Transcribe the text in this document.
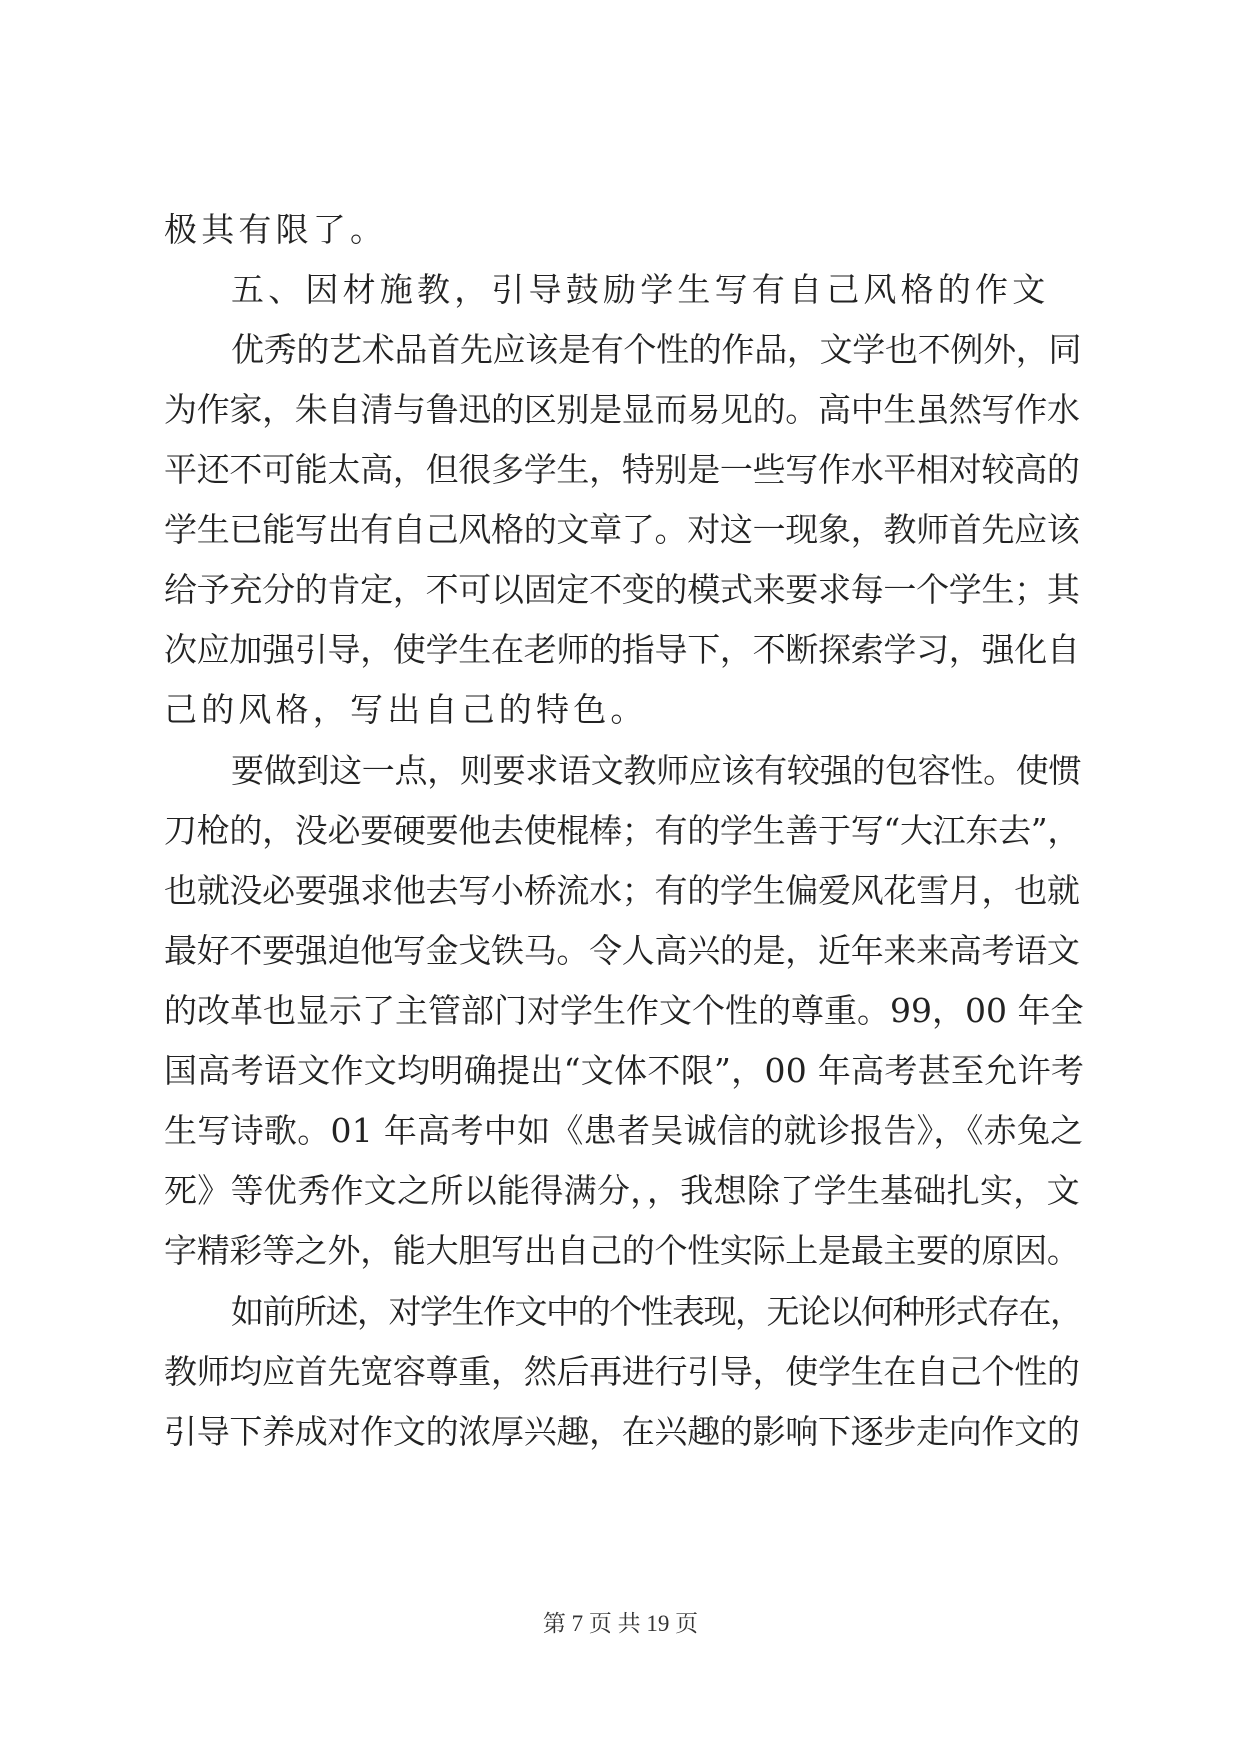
极其有限了。
五、因材施教，引导鼓励学生写有自己风格的作文
优秀的艺术品首先应该是有个性的作品，文学也不例外，同
为作家，朱自清与鲁迅的区别是显而易见的。高中生虽然写作水
平还不可能太高，但很多学生，特别是一些写作水平相对较高的
学生已能写出有自己风格的文章了。对这一现象，教师首先应该
给予充分的肯定，不可以固定不变的模式来要求每一个学生；其
次应加强引导，使学生在老师的指导下，不断探索学习，强化自
己的风格，写出自己的特色。
要做到这一点，则要求语文教师应该有较强的包容性。使惯
刀枪的，没必要硬要他去使棍棒；有的学生善于写“大江东去”，
也就没必要强求他去写小桥流水；有的学生偏爱风花雪月，也就
最好不要强迫他写金戈铁马。令人高兴的是，近年来来高考语文
的改革也显示了主管部门对学生作文个性的尊重。99，00 年全
国高考语文作文均明确提出“文体不限”，00 年高考甚至允许考
生写诗歌。01 年高考中如《患者吴诚信的就诊报告》，《赤兔之
死》等优秀作文之所以能得满分，，我想除了学生基础扎实，文
字精彩等之外，能大胆写出自己的个性实际上是最主要的原因。
如前所述，对学生作文中的个性表现，无论以何种形式存在，
教师均应首先宽容尊重，然后再进行引导，使学生在自己个性的
引导下养成对作文的浓厚兴趣，在兴趣的影响下逐步走向作文的
第 7 页 共 19 页
